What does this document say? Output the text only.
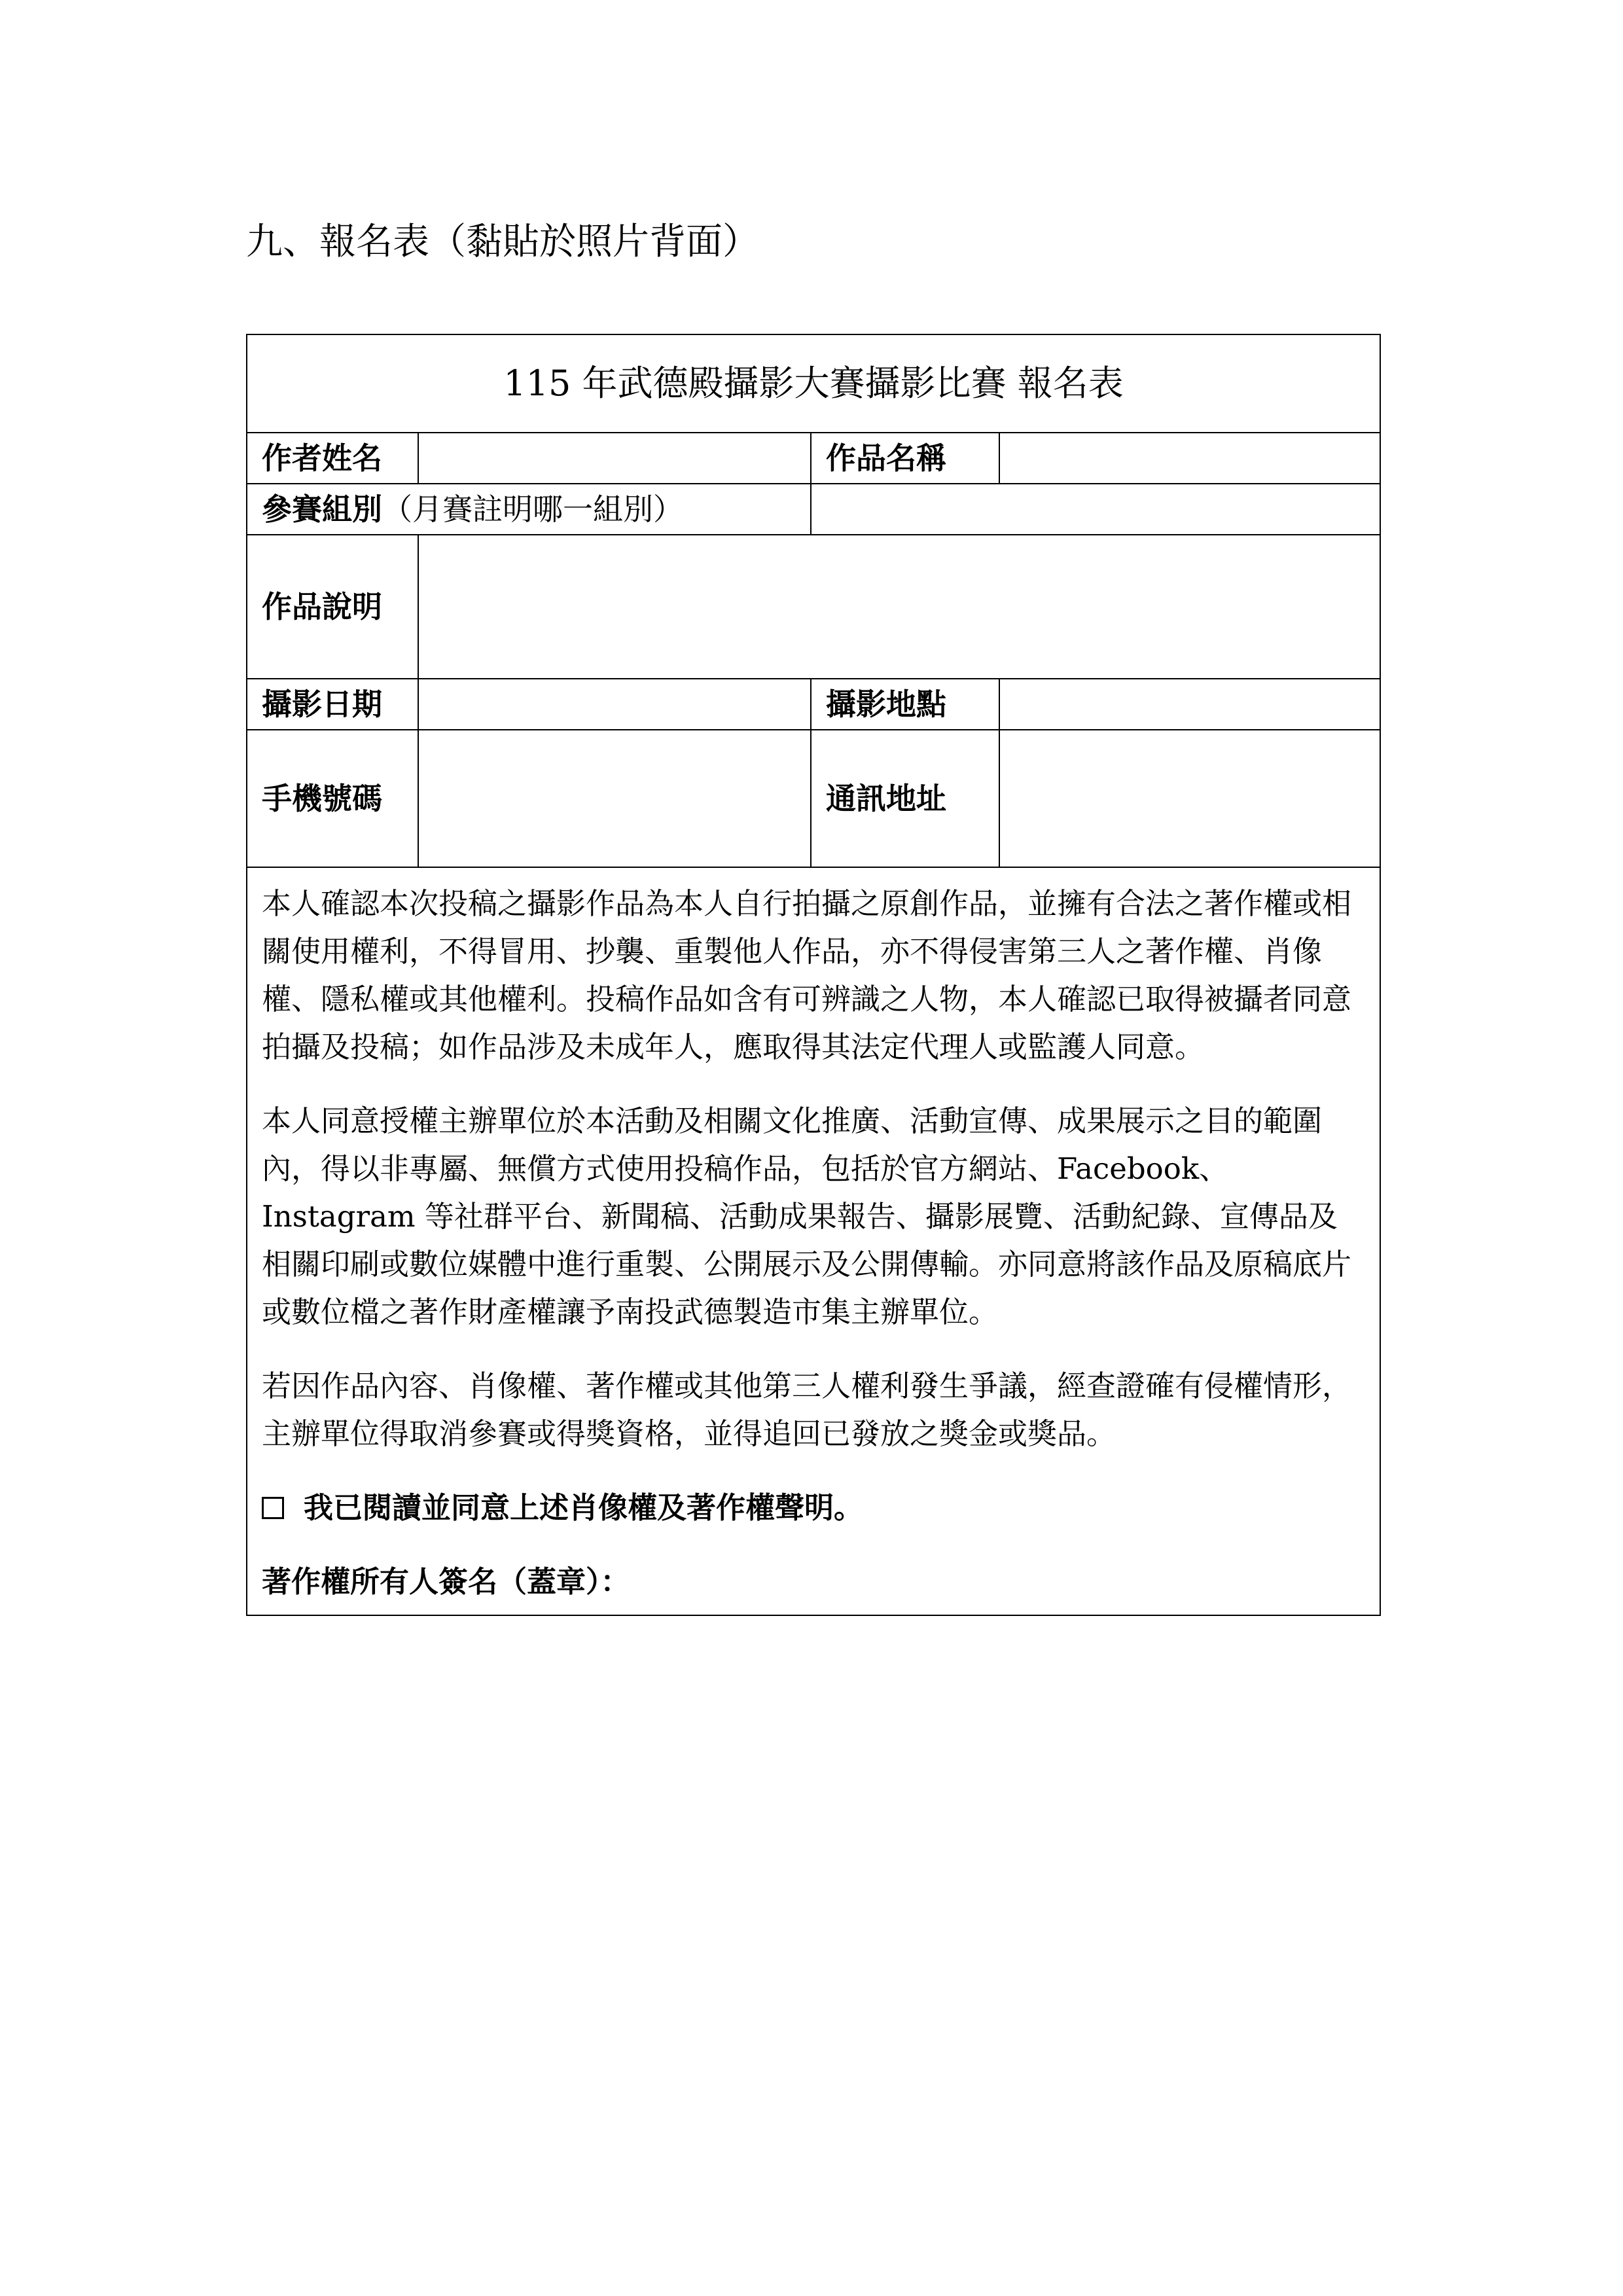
九、報名表（黏貼於照片背面）
115 年武德殿攝影大賽攝影比賽 報名表			
作者姓名		作品名稱	
參賽組別（月賽註明哪一組別）			
作品說明			
攝影日期		攝影地點	
手機號碼		通訊地址	

本人確認本次投稿之攝影作品為本人自行拍攝之原創作品，並擁有合法之著作權或相關使用權利，不得冒用、抄襲、重製他人作品，亦不得侵害第三人之著作權、肖像權、隱私權或其他權利。投稿作品如含有可辨識之人物，本人確認已取得被攝者同意拍攝及投稿；如作品涉及未成年人，應取得其法定代理人或監護人同意。

本人同意授權主辦單位於本活動及相關文化推廣、活動宣傳、成果展示之目的範圍內，得以非專屬、無償方式使用投稿作品，包括於官方網站、Facebook、Instagram 等社群平台、新聞稿、活動成果報告、攝影展覽、活動紀錄、宣傳品及相關印刷或數位媒體中進行重製、公開展示及公開傳輸。亦同意將該作品及原稿底片或數位檔之著作財產權讓予南投武德製造市集主辦單位。

若因作品內容、肖像權、著作權或其他第三人權利發生爭議，經查證確有侵權情形，主辦單位得取消參賽或得獎資格，並得追回已發放之獎金或獎品。

我已閱讀並同意上述肖像權及著作權聲明。

著作權所有人簽名（蓋章）：			
